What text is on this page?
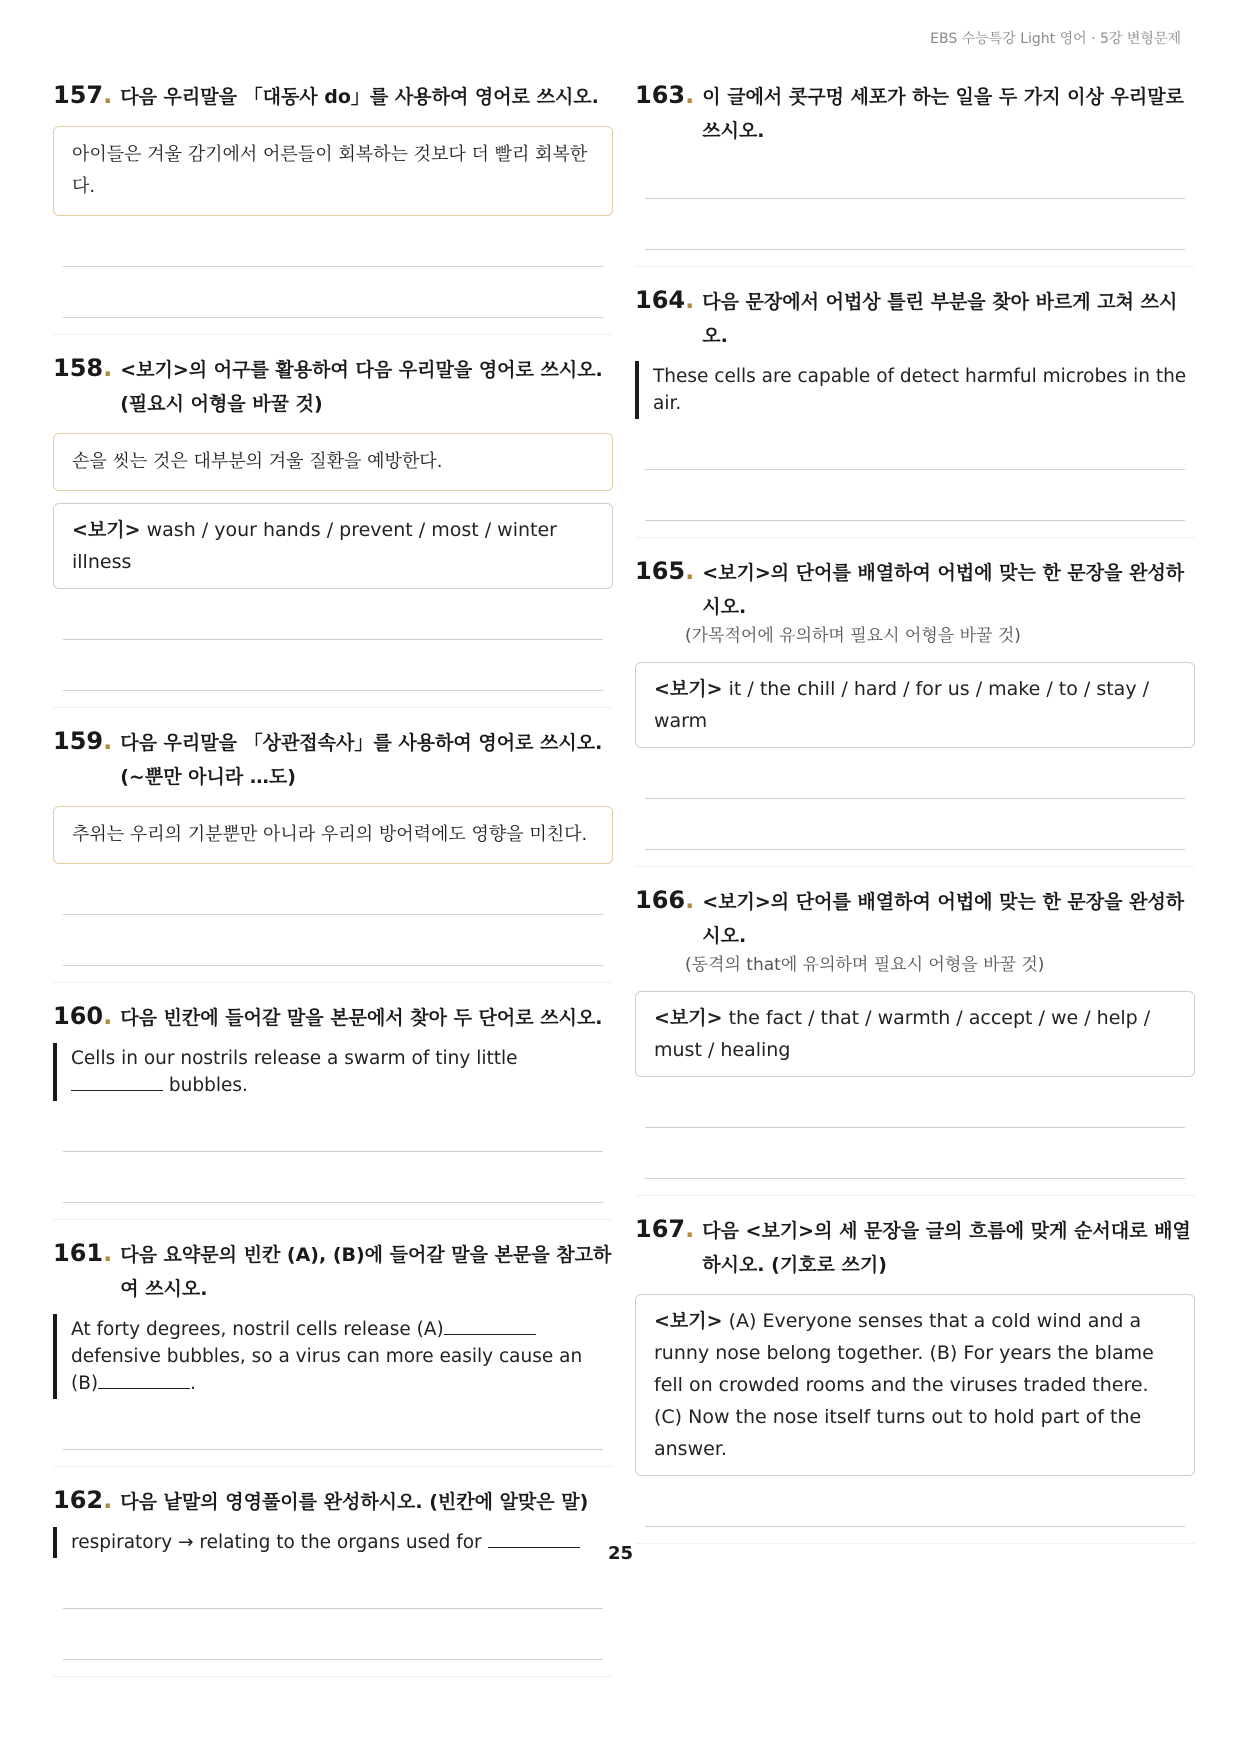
EBS 수능특강 Light 영어 · 5강 변형문제
157. 다음 우리말을 「대동사 do」를 사용하여 영어로 쓰시오.
아이들은 겨울 감기에서 어른들이 회복하는 것보다 더 빨리 회복한다.
158. <보기>의 어구를 활용하여 다음 우리말을 영어로 쓰시오. (필요시 어형을 바꿀 것)
손을 씻는 것은 대부분의 겨울 질환을 예방한다.
<보기> wash / your hands / prevent / most / winter illness
159. 다음 우리말을 「상관접속사」를 사용하여 영어로 쓰시오. (~뿐만 아니라 …도)
추위는 우리의 기분뿐만 아니라 우리의 방어력에도 영향을 미친다.
160. 다음 빈칸에 들어갈 말을 본문에서 찾아 두 단어로 쓰시오.
Cells in our nostrils release a swarm of tiny little  bubbles.
161. 다음 요약문의 빈칸 (A), (B)에 들어갈 말을 본문을 참고하여 쓰시오.
At forty degrees, nostril cells release (A) defensive bubbles, so a virus can more easily cause an (B)	.
162. 다음 낱말의 영영풀이를 완성하시오. (빈칸에 알맞은 말)
respiratory → relating to the organs used for
163. 이 글에서 콧구멍 세포가 하는 일을 두 가지 이상 우리말로 쓰시오.
164. 다음 문장에서 어법상 틀린 부분을 찾아 바르게 고쳐 쓰시오.
These cells are capable of detect harmful microbes in the air.
165. <보기>의 단어를 배열하여 어법에 맞는 한 문장을 완성하시오.
(가목적어에 유의하며 필요시 어형을 바꿀 것)
<보기> it / the chill / hard / for us / make / to / stay / warm
166. <보기>의 단어를 배열하여 어법에 맞는 한 문장을 완성하시오.
(동격의 that에 유의하며 필요시 어형을 바꿀 것)
<보기> the fact / that / warmth / accept / we / help / must / healing
167. 다음 <보기>의 세 문장을 글의 흐름에 맞게 순서대로 배열하시오. (기호로 쓰기)
<보기> (A) Everyone senses that a cold wind and a runny nose belong together. (B) For years the blame fell on crowded rooms and the viruses traded there. (C) Now the nose itself turns out to hold part of the answer.
25
